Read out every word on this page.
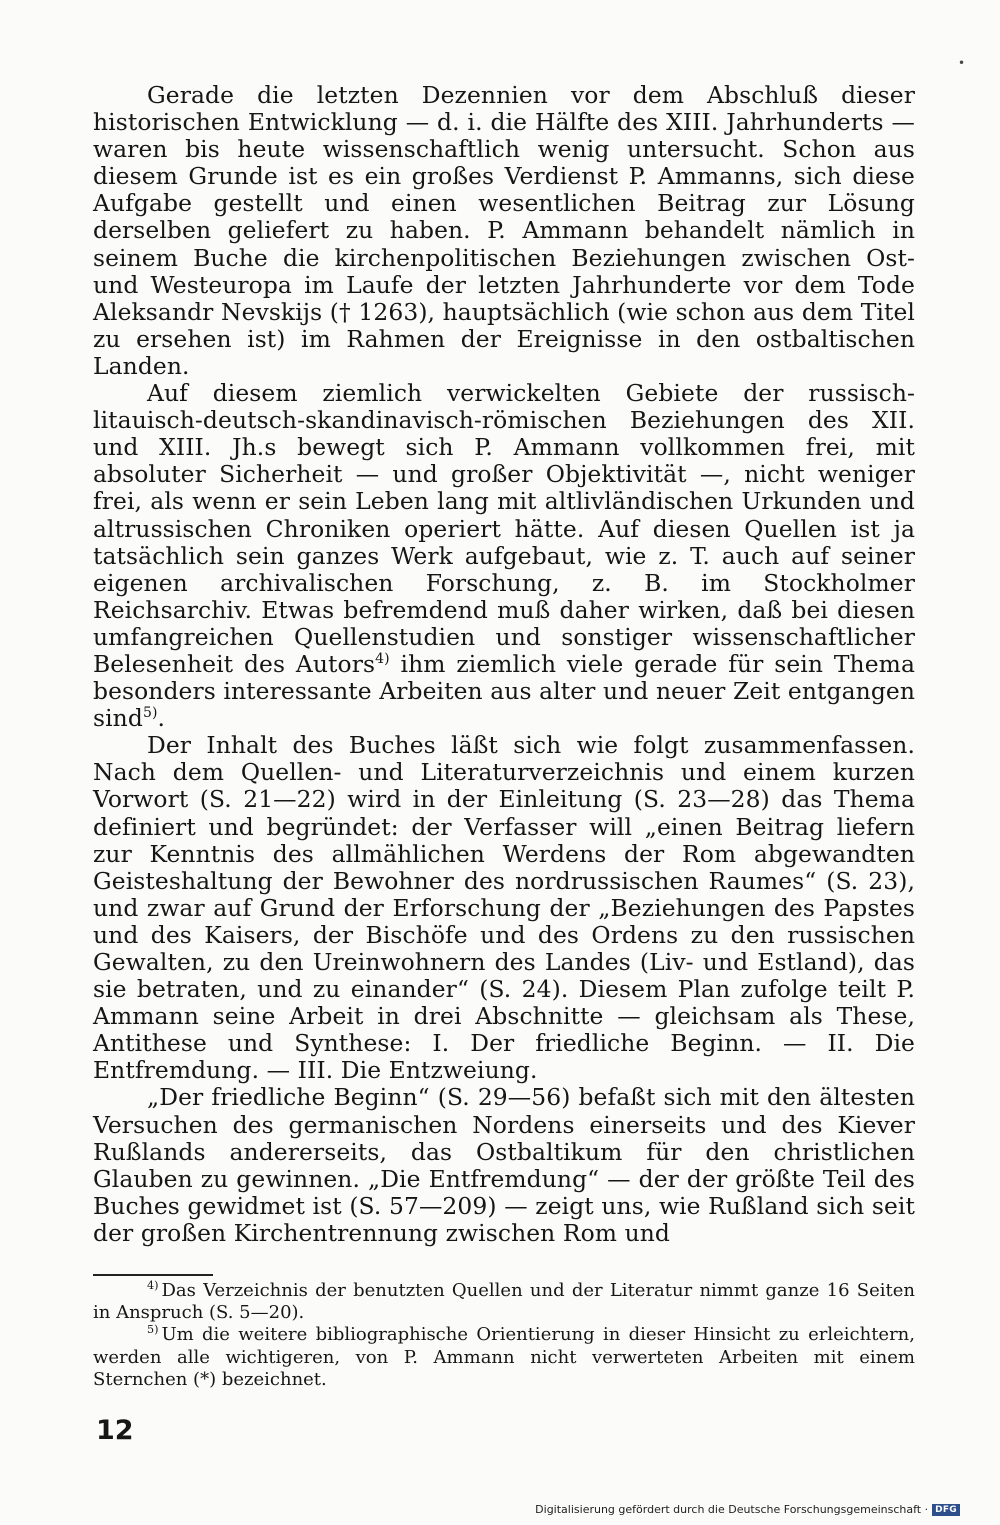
•

Gerade die letzten Dezennien vor dem Abschluß dieser historischen Entwicklung — d. i. die Hälfte des XIII. Jahrhunderts — waren bis heute wissenschaftlich wenig untersucht. Schon aus diesem Grunde ist es ein großes Verdienst P. Ammanns, sich diese Aufgabe gestellt und einen wesentlichen Beitrag zur Lösung derselben geliefert zu haben. P. Ammann behandelt nämlich in seinem Buche die kirchenpolitischen Beziehungen zwischen Ost- und Westeuropa im Laufe der letzten Jahrhunderte vor dem Tode Aleksandr Nevskijs († 1263), hauptsächlich (wie schon aus dem Titel zu ersehen ist) im Rahmen der Ereignisse in den ostbaltischen Landen.

Auf diesem ziemlich verwickelten Gebiete der russisch-litauisch-deutsch-skandinavisch-römischen Beziehungen des XII. und XIII. Jh.s bewegt sich P. Ammann vollkommen frei, mit absoluter Sicherheit — und großer Objektivität —, nicht weniger frei, als wenn er sein Leben lang mit altlivländischen Urkunden und altrussischen Chroniken operiert hätte. Auf diesen Quellen ist ja tatsächlich sein ganzes Werk aufgebaut, wie z. T. auch auf seiner eigenen archivalischen Forschung, z. B. im Stockholmer Reichsarchiv. Etwas befremdend muß daher wirken, daß bei diesen umfangreichen Quellenstudien und sonstiger wissenschaftlicher Belesenheit des Autors$^{4)}$ ihm ziemlich viele gerade für sein Thema besonders interessante Arbeiten aus alter und neuer Zeit entgangen sind$^{5)}$.

Der Inhalt des Buches läßt sich wie folgt zusammenfassen. Nach dem Quellen- und Literaturverzeichnis und einem kurzen Vorwort (S. 21—22) wird in der Einleitung (S. 23—28) das Thema definiert und begründet: der Verfasser will „einen Beitrag liefern zur Kenntnis des allmählichen Werdens der Rom abgewandten Geisteshaltung der Bewohner des nordrussischen Raumes“ (S. 23), und zwar auf Grund der Erforschung der „Beziehungen des Papstes und des Kaisers, der Bischöfe und des Ordens zu den russischen Gewalten, zu den Ureinwohnern des Landes (Liv- und Estland), das sie betraten, und zu einander“ (S. 24). Diesem Plan zufolge teilt P. Ammann seine Arbeit in drei Abschnitte — gleichsam als These, Antithese und Synthese: I. Der friedliche Beginn. — II. Die Entfremdung. — III. Die Entzweiung.

„Der friedliche Beginn“ (S. 29—56) befaßt sich mit den ältesten Versuchen des germanischen Nordens einerseits und des Kiever Rußlands andererseits, das Ostbaltikum für den christlichen Glauben zu gewinnen. „Die Entfremdung“ — der der größte Teil des Buches gewidmet ist (S. 57—209) — zeigt uns, wie Rußland sich seit der großen Kirchentrennung zwischen Rom und

$^{4)}$ Das Verzeichnis der benutzten Quellen und der Literatur nimmt ganze 16 Seiten in Anspruch (S. 5—20).

$^{5)}$ Um die weitere bibliographische Orientierung in dieser Hinsicht zu erleichtern, werden alle wichtigeren, von P. Ammann nicht verwerteten Arbeiten mit einem Sternchen (*) bezeichnet.

12
Digitalisierung gefördert durch die Deutsche Forschungsgemeinschaft · DFG
